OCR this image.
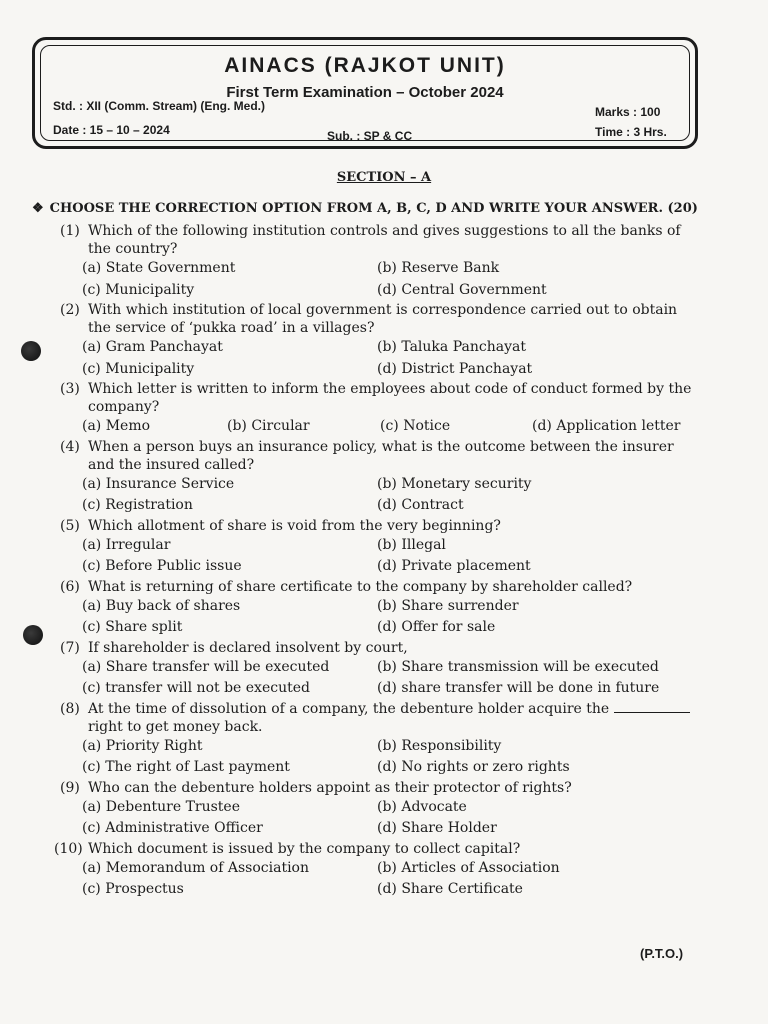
AINACS (RAJKOT UNIT)
First Term Examination – October 2024
Std. : XII (Comm. Stream) (Eng. Med.)
Date : 15 – 10 – 2024	Sub. : SP & CC
Marks : 100
Time : 3 Hrs.
SECTION – A
❖ CHOOSE THE CORRECTION OPTION FROM A, B, C, D AND WRITE YOUR ANSWER. (20)
(1) Which of the following institution controls and gives suggestions to all the banks of the country?
(a) State Government	(b) Reserve Bank
(c) Municipality	(d) Central Government
(2) With which institution of local government is correspondence carried out to obtain the service of ‘pukka road’ in a villages?
(a) Gram Panchayat	(b) Taluka Panchayat
(c) Municipality	(d) District Panchayat
(3) Which letter is written to inform the employees about code of conduct formed by the company?
(a) Memo	(b) Circular	(c) Notice	(d) Application letter
(4) When a person buys an insurance policy, what is the outcome between the insurer and the insured called?
(a) Insurance Service	(b) Monetary security
(c) Registration	(d) Contract
(5) Which allotment of share is void from the very beginning?
(a) Irregular	(b) Illegal
(c) Before Public issue	(d) Private placement
(6) What is returning of share certificate to the company by shareholder called?
(a) Buy back of shares	(b) Share surrender
(c) Share split	(d) Offer for sale
(7) If shareholder is declared insolvent by court,
(a) Share transfer will be executed	(b) Share transmission will be executed
(c) transfer will not be executed	(d) share transfer will be done in future
(8) At the time of dissolution of a company, the debenture holder acquire the  right to get money back.
(a) Priority Right	(b) Responsibility
(c) The right of Last payment	(d) No rights or zero rights
(9) Who can the debenture holders appoint as their protector of rights?
(a) Debenture Trustee	(b) Advocate
(c) Administrative Officer	(d) Share Holder
(10) Which document is issued by the company to collect capital?
(a) Memorandum of Association	(b) Articles of Association
(c) Prospectus	(d) Share Certificate
(P.T.O.)
